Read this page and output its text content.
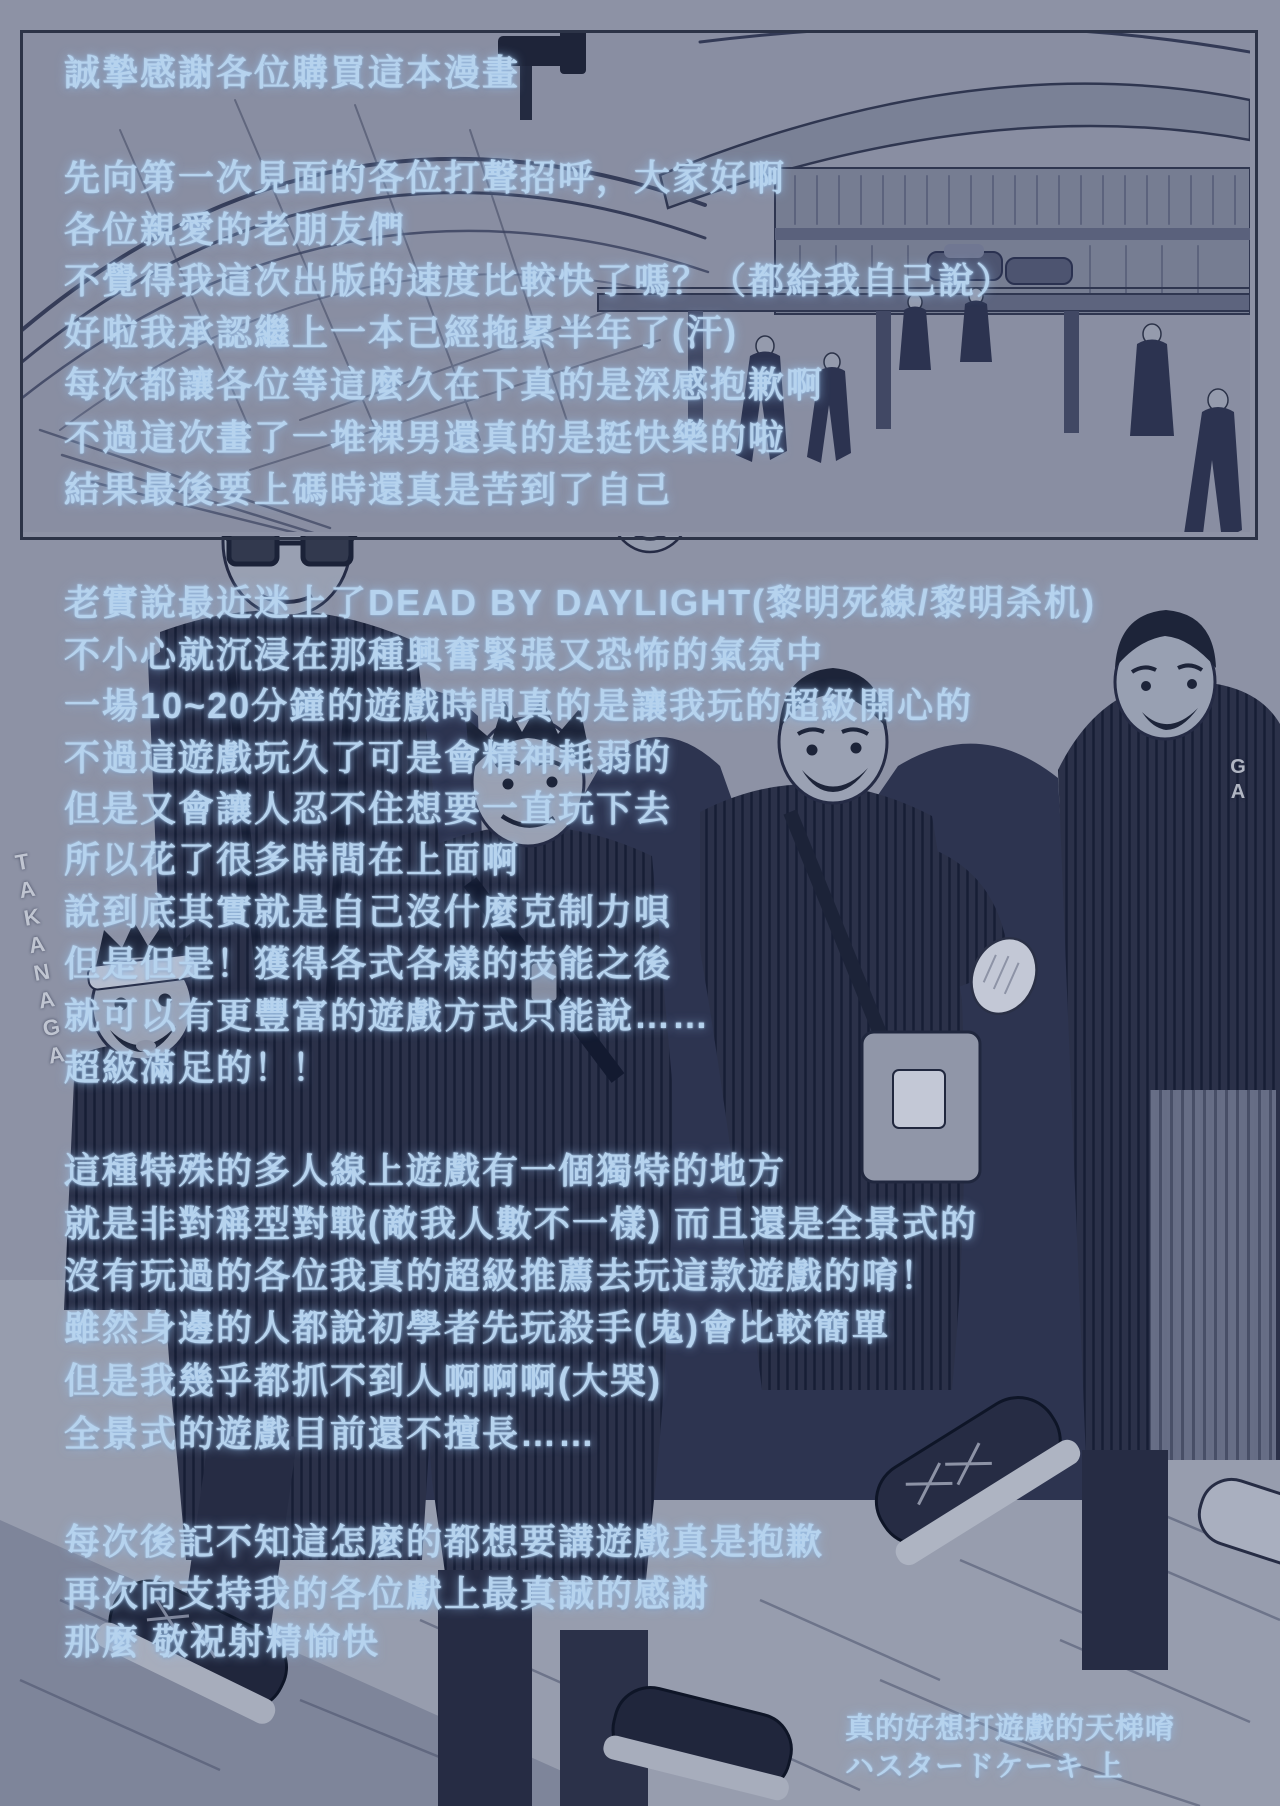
誠摯感謝各位購買這本漫畫
先向第一次見面的各位打聲招呼，大家好啊
各位親愛的老朋友們
不覺得我這次出版的速度比較快了嗎？（都給我自己說）
好啦我承認繼上一本已經拖累半年了(汗)
每次都讓各位等這麼久在下真的是深感抱歉啊
不過這次畫了一堆裸男還真的是挺快樂的啦
結果最後要上碼時還真是苦到了自己
老實說最近迷上了DEAD BY DAYLIGHT(黎明死線/黎明杀机)
不小心就沉浸在那種興奮緊張又恐怖的氣氛中
一場10~20分鐘的遊戲時間真的是讓我玩的超級開心的
不過這遊戲玩久了可是會精神耗弱的
但是又會讓人忍不住想要一直玩下去
所以花了很多時間在上面啊
說到底其實就是自己沒什麼克制力唄
但是但是！獲得各式各樣的技能之後
就可以有更豐富的遊戲方式只能說……
超級滿足的！！
這種特殊的多人線上遊戲有一個獨特的地方
就是非對稱型對戰(敵我人數不一樣) 而且還是全景式的
沒有玩過的各位我真的超級推薦去玩這款遊戲的唷！
雖然身邊的人都說初學者先玩殺手(鬼)會比較簡單
但是我幾乎都抓不到人啊啊啊(大哭)
全景式的遊戲目前還不擅長……
每次後記不知這怎麼的都想要講遊戲真是抱歉
再次向支持我的各位獻上最真誠的感謝
那麼 敬祝射精愉快
真的好想打遊戲的天梯唷
ハスタードケーキ 上
TAKANAGA
GA
